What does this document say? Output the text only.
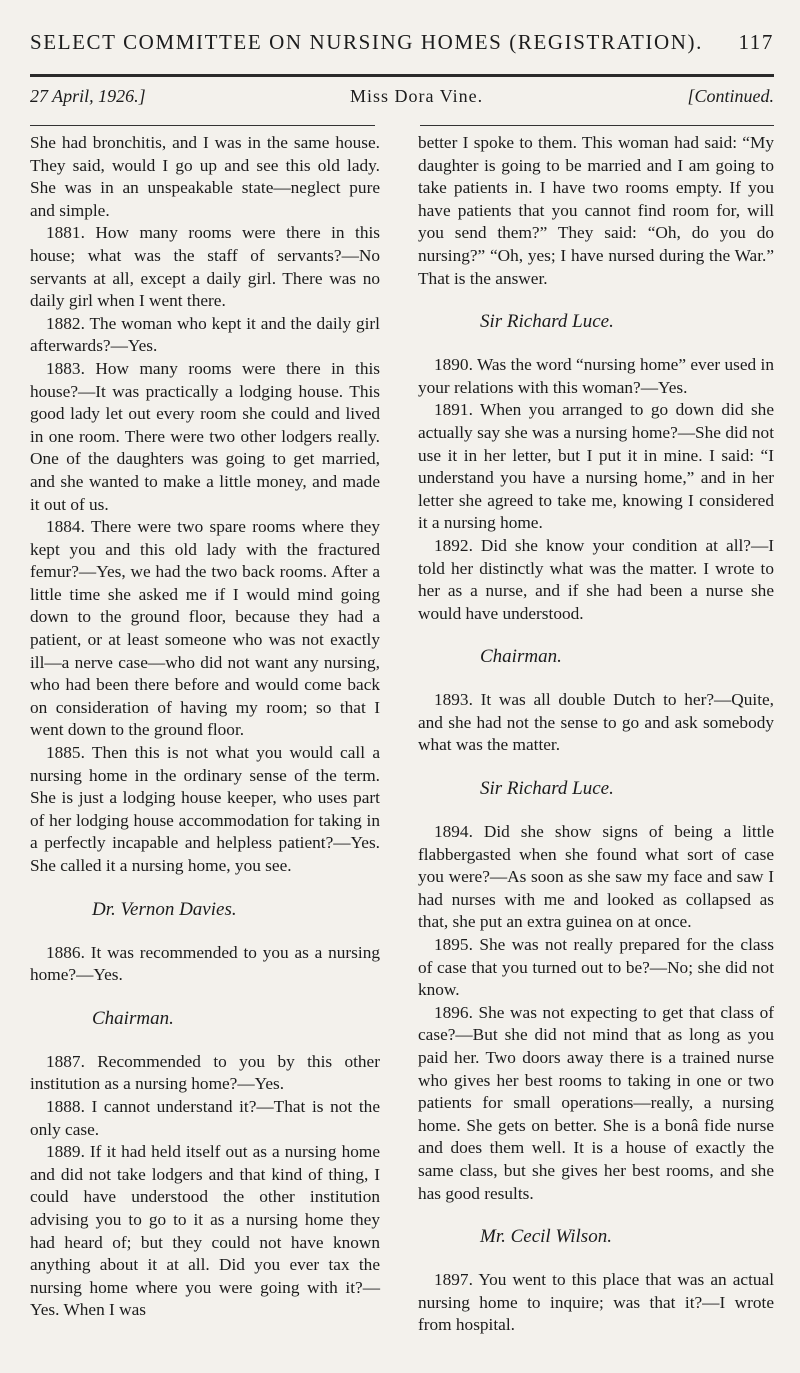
SELECT COMMITTEE ON NURSING HOMES (REGISTRATION). 117
27 April, 1926.]	Miss Dora Vine.	[Continued.

She had bronchitis, and I was in the same house. They said, would I go up and see this old lady. She was in an unspeakable state—neglect pure and simple.

1881. How many rooms were there in this house; what was the staff of servants?—No servants at all, except a daily girl. There was no daily girl when I went there.

1882. The woman who kept it and the daily girl afterwards?—Yes.

1883. How many rooms were there in this house?—It was practically a lodging house. This good lady let out every room she could and lived in one room. There were two other lodgers really. One of the daughters was going to get married, and she wanted to make a little money, and made it out of us.

1884. There were two spare rooms where they kept you and this old lady with the fractured femur?—Yes, we had the two back rooms. After a little time she asked me if I would mind going down to the ground floor, because they had a patient, or at least someone who was not exactly ill—a nerve case—who did not want any nursing, who had been there before and would come back on consideration of having my room; so that I went down to the ground floor.

1885. Then this is not what you would call a nursing home in the ordinary sense of the term. She is just a lodging house keeper, who uses part of her lodging house accommodation for taking in a perfectly incapable and helpless patient?—Yes. She called it a nursing home, you see.

Dr. Vernon Davies.

1886. It was recommended to you as a nursing home?—Yes.

Chairman.

1887. Recommended to you by this other institution as a nursing home?—Yes.

1888. I cannot understand it?—That is not the only case.

1889. If it had held itself out as a nursing home and did not take lodgers and that kind of thing, I could have understood the other institution advising you to go to it as a nursing home they had heard of; but they could not have known anything about it at all. Did you ever tax the nursing home where you were going with it?—Yes. When I was

better I spoke to them. This woman had said: “My daughter is going to be married and I am going to take patients in. I have two rooms empty. If you have patients that you cannot find room for, will you send them?” They said: “Oh, do you do nursing?” “Oh, yes; I have nursed during the War.” That is the answer.

Sir Richard Luce.

1890. Was the word “nursing home” ever used in your relations with this woman?—Yes.

1891. When you arranged to go down did she actually say she was a nursing home?—She did not use it in her letter, but I put it in mine. I said: “I understand you have a nursing home,” and in her letter she agreed to take me, knowing I considered it a nursing home.

1892. Did she know your condition at all?—I told her distinctly what was the matter. I wrote to her as a nurse, and if she had been a nurse she would have understood.

Chairman.

1893. It was all double Dutch to her?—Quite, and she had not the sense to go and ask somebody what was the matter.

Sir Richard Luce.

1894. Did she show signs of being a little flabbergasted when she found what sort of case you were?—As soon as she saw my face and saw I had nurses with me and looked as collapsed as that, she put an extra guinea on at once.

1895. She was not really prepared for the class of case that you turned out to be?—No; she did not know.

1896. She was not expecting to get that class of case?—But she did not mind that as long as you paid her. Two doors away there is a trained nurse who gives her best rooms to taking in one or two patients for small operations—really, a nursing home. She gets on better. She is a bonâ fide nurse and does them well. It is a house of exactly the same class, but she gives her best rooms, and she has good results.

Mr. Cecil Wilson.

1897. You went to this place that was an actual nursing home to inquire; was that it?—I wrote from hospital.
